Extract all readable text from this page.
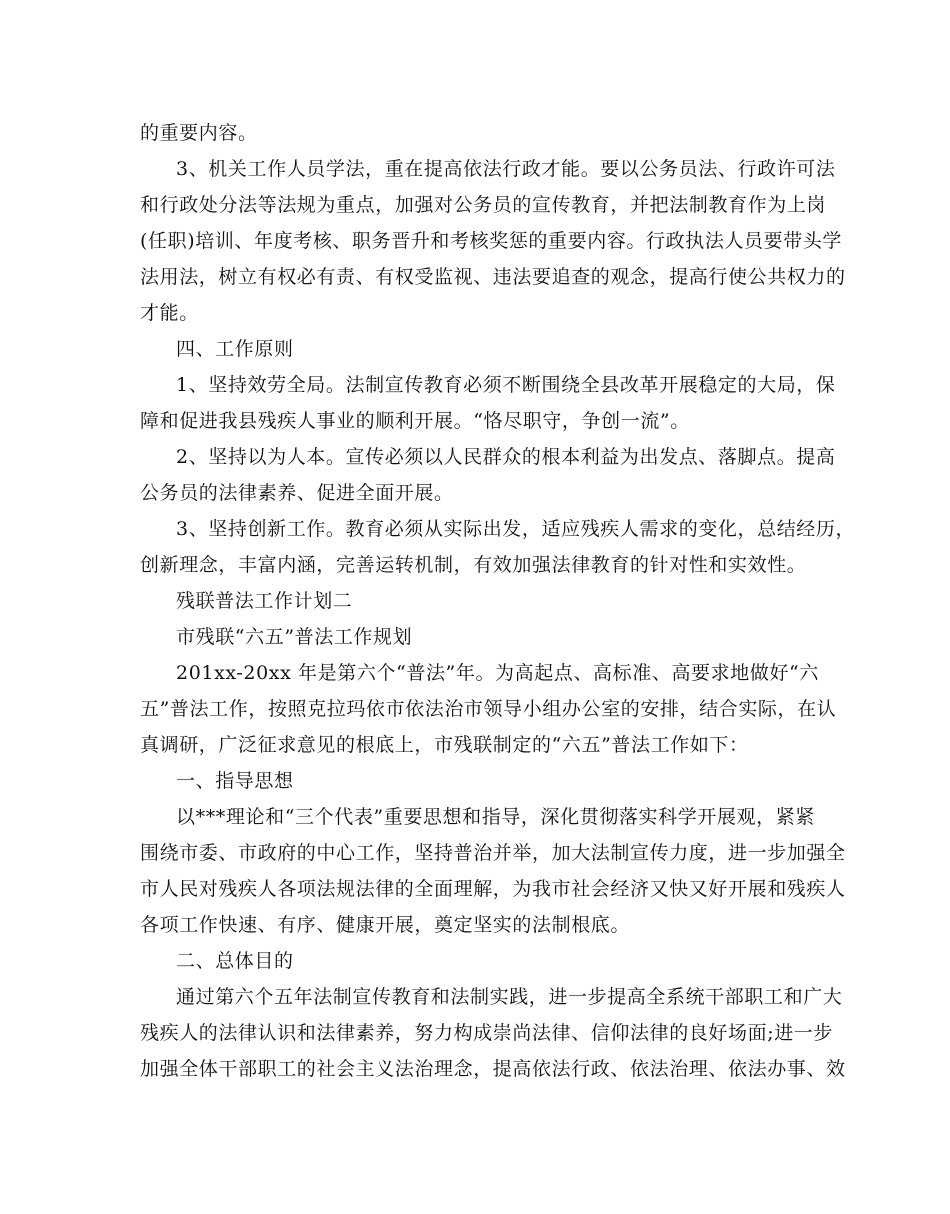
的重要内容。
3、机关工作人员学法，重在提高依法行政才能。要以公务员法、行政许可法
和行政处分法等法规为重点，加强对公务员的宣传教育，并把法制教育作为上岗
(任职)培训、年度考核、职务晋升和考核奖惩的重要内容。行政执法人员要带头学
法用法，树立有权必有责、有权受监视、违法要追查的观念，提高行使公共权力的
才能。
四、工作原则
1、坚持效劳全局。法制宣传教育必须不断围绕全县改革开展稳定的大局，保
障和促进我县残疾人事业的顺利开展。“恪尽职守，争创一流”。
2、坚持以为人本。宣传必须以人民群众的根本利益为出发点、落脚点。提高
公务员的法律素养、促进全面开展。
3、坚持创新工作。教育必须从实际出发，适应残疾人需求的变化，总结经历，
创新理念，丰富内涵，完善运转机制，有效加强法律教育的针对性和实效性。
残联普法工作计划二
市残联“六五”普法工作规划
201xx-20xx 年是第六个“普法”年。为高起点、高标准、高要求地做好“六
五”普法工作，按照克拉玛依市依法治市领导小组办公室的安排，结合实际，在认
真调研，广泛征求意见的根底上，市残联制定的“六五”普法工作如下：
一、指导思想
以***理论和“三个代表”重要思想和指导，深化贯彻落实科学开展观，紧紧
围绕市委、市政府的中心工作，坚持普治并举，加大法制宣传力度，进一步加强全
市人民对残疾人各项法规法律的全面理解，为我市社会经济又快又好开展和残疾人
各项工作快速、有序、健康开展，奠定坚实的法制根底。
二、总体目的
通过第六个五年法制宣传教育和法制实践，进一步提高全系统干部职工和广大
残疾人的法律认识和法律素养，努力构成崇尚法律、信仰法律的良好场面;进一步
加强全体干部职工的社会主义法治理念，提高依法行政、依法治理、依法办事、效
